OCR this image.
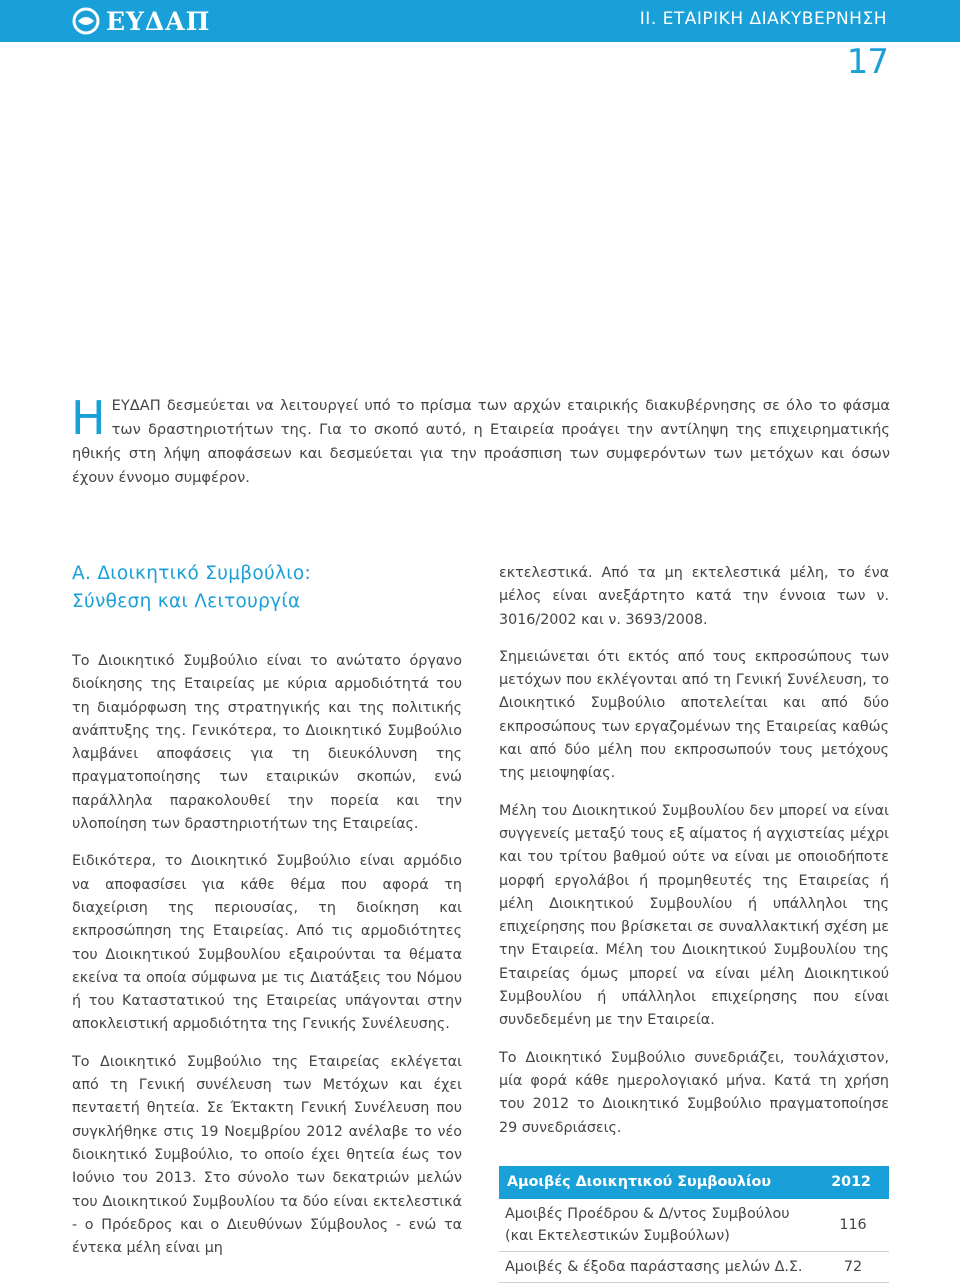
ΕΥΔΑΠ	ΙΙ. ΕΤΑΙΡΙΚΗ ΔΙΑΚΥΒΕΡΝΗΣΗ
17
Η ΕΥΔΑΠ δεσμεύεται να λειτουργεί υπό το πρίσμα των αρχών εταιρικής διακυβέρνησης σε όλο το φάσμα των δραστηριοτήτων της. Για το σκοπό αυτό, η Εταιρεία προάγει την αντίληψη της επιχειρηματικής ηθικής στη λήψη αποφάσεων και δεσμεύεται για την προάσπιση των συμφερόντων των μετόχων και όσων έχουν έννομο συμφέρον.

Α. Διοικητικό Συμβούλιο:
Σύνθεση και Λειτουργία

Το Διοικητικό Συμβούλιο είναι το ανώτατο όργανο διοίκησης της Εταιρείας με κύρια αρμοδιότητά του τη διαμόρφωση της στρατηγικής και της πολιτικής ανάπτυξης της. Γενικότερα, το Διοικητικό Συμβούλιο λαμβάνει αποφάσεις για τη διευκόλυνση της πραγματοποίησης των εταιρικών σκοπών, ενώ παράλληλα παρακολουθεί την πορεία και την υλοποίηση των δραστηριοτήτων της Εταιρείας.

Ειδικότερα, το Διοικητικό Συμβούλιο είναι αρμόδιο να αποφασίσει για κάθε θέμα που αφορά τη διαχείριση της περιουσίας, τη διοίκηση και εκπροσώπηση της Εταιρείας. Από τις αρμοδιότητες του Διοικητικού Συμβουλίου εξαιρούνται τα θέματα εκείνα τα οποία σύμφωνα με τις Διατάξεις του Νόμου ή του Καταστατικού της Εταιρείας υπάγονται στην αποκλειστική αρμοδιότητα της Γενικής Συνέλευσης.

Το Διοικητικό Συμβούλιο της Εταιρείας εκλέγεται από τη Γενική συνέλευση των Μετόχων και έχει πενταετή θητεία. Σε Έκτακτη Γενική Συνέλευση που συγκλήθηκε στις 19 Νοεμβρίου 2012 ανέλαβε το νέο διοικητικό Συμβούλιο, το οποίο έχει θητεία έως τον Ιούνιο του 2013. Στο σύνολο των δεκατριών μελών του Διοικητικού Συμβουλίου τα δύο είναι εκτελεστικά - ο Πρόεδρος και ο Διευθύνων Σύμβουλος - ενώ τα έντεκα μέλη είναι μη

εκτελεστικά. Από τα μη εκτελεστικά μέλη, το ένα μέλος είναι ανεξάρτητο κατά την έννοια των ν. 3016/2002 και ν. 3693/2008.

Σημειώνεται ότι εκτός από τους εκπροσώπους των μετόχων που εκλέγονται από τη Γενική Συνέλευση, το Διοικητικό Συμβούλιο αποτελείται και από δύο εκπροσώπους των εργαζομένων της Εταιρείας καθώς και από δύο μέλη που εκπροσωπούν τους μετόχους της μειοψηφίας.

Μέλη του Διοικητικού Συμβουλίου δεν μπορεί να είναι συγγενείς μεταξύ τους εξ αίματος ή αγχιστείας μέχρι και του τρίτου βαθμού ούτε να είναι με οποιοδήποτε μορφή εργολάβοι ή προμηθευτές της Εταιρείας ή μέλη Διοικητικού Συμβουλίου ή υπάλληλοι της επιχείρησης που βρίσκεται σε συναλλακτική σχέση με την Εταιρεία. Μέλη του Διοικητικού Συμβουλίου της Εταιρείας όμως μπορεί να είναι μέλη Διοικητικού Συμβουλίου ή υπάλληλοι επιχείρησης που είναι συνδεδεμένη με την Εταιρεία.

Το Διοικητικό Συμβούλιο συνεδριάζει, τουλάχιστον, μία φορά κάθε ημερολογιακό μήνα. Κατά τη χρήση του 2012 το Διοικητικό Συμβούλιο πραγματοποίησε 29 συνεδριάσεις.

Αμοιβές Διοικητικού Συμβουλίου	2012
Αμοιβές Προέδρου & Δ/ντος Συμβούλου (και Εκτελεστικών Συμβούλων)	116
Αμοιβές & έξοδα παράστασης μελών Δ.Σ.	72
